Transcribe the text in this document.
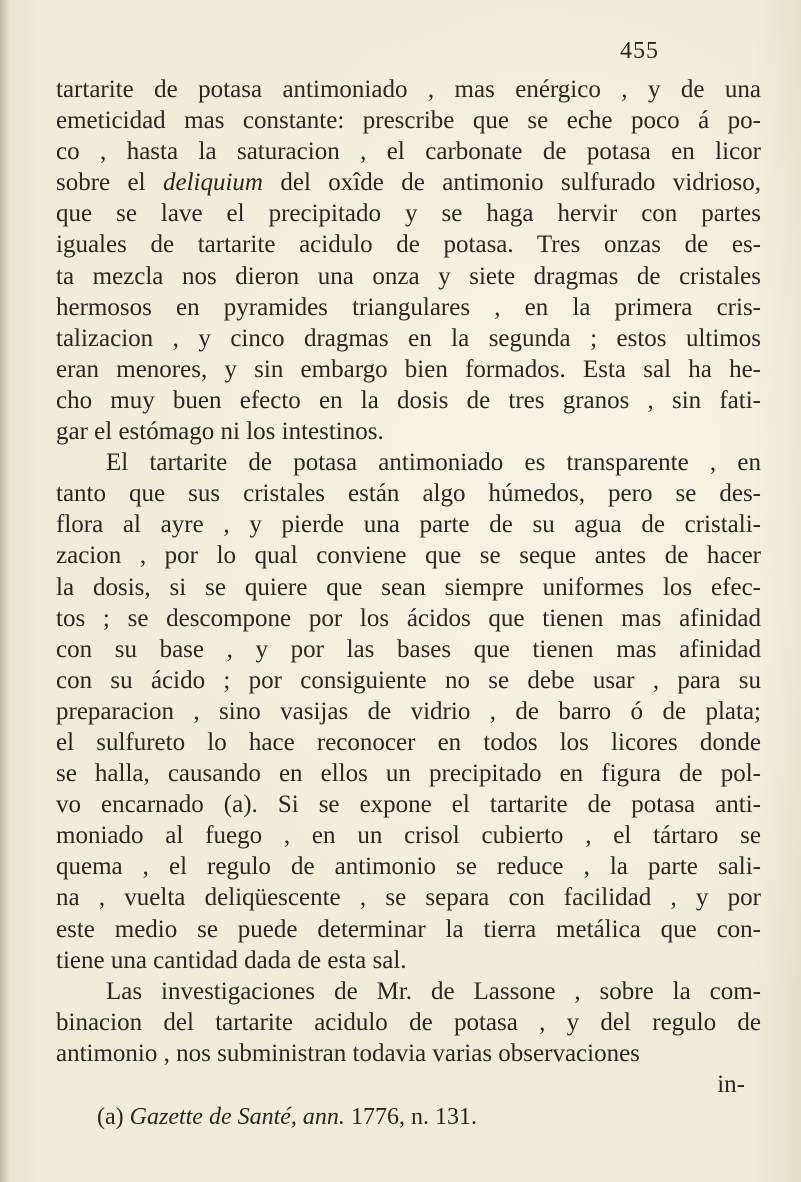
455
tartarite de potasa antimoniado , mas enérgico , y de una
emeticidad mas constante: prescribe que se eche poco á po-
co , hasta la saturacion , el carbonate de potasa en licor
sobre el deliquium del oxîde de antimonio sulfurado vidrioso,
que se lave el precipitado y se haga hervir con partes
iguales de tartarite acidulo de potasa. Tres onzas de es-
ta mezcla nos dieron una onza y siete dragmas de cristales
hermosos en pyramides triangulares , en la primera cris-
talizacion , y cinco dragmas en la segunda ; estos ultimos
eran menores, y sin embargo bien formados. Esta sal ha he-
cho muy buen efecto en la dosis de tres granos , sin fati-
gar el estómago ni los intestinos.
El tartarite de potasa antimoniado es transparente , en
tanto que sus cristales están algo húmedos, pero se des-
flora al ayre , y pierde una parte de su agua de cristali-
zacion , por lo qual conviene que se seque antes de hacer
la dosis, si se quiere que sean siempre uniformes los efec-
tos ; se descompone por los ácidos que tienen mas afinidad
con su base , y por las bases que tienen mas afinidad
con su ácido ; por consiguiente no se debe usar , para su
preparacion , sino vasijas de vidrio , de barro ó de plata;
el sulfureto lo hace reconocer en todos los licores donde
se halla, causando en ellos un precipitado en figura de pol-
vo encarnado (a). Si se expone el tartarite de potasa anti-
moniado al fuego , en un crisol cubierto , el tártaro se
quema , el regulo de antimonio se reduce , la parte sali-
na , vuelta deliqüescente , se separa con facilidad , y por
este medio se puede determinar la tierra metálica que con-
tiene una cantidad dada de esta sal.
Las investigaciones de Mr. de Lassone , sobre la com-
binacion del tartarite acidulo de potasa , y del regulo de
antimonio , nos subministran todavia varias observaciones
in-
(a) Gazette de Santé, ann. 1776, n. 131.
